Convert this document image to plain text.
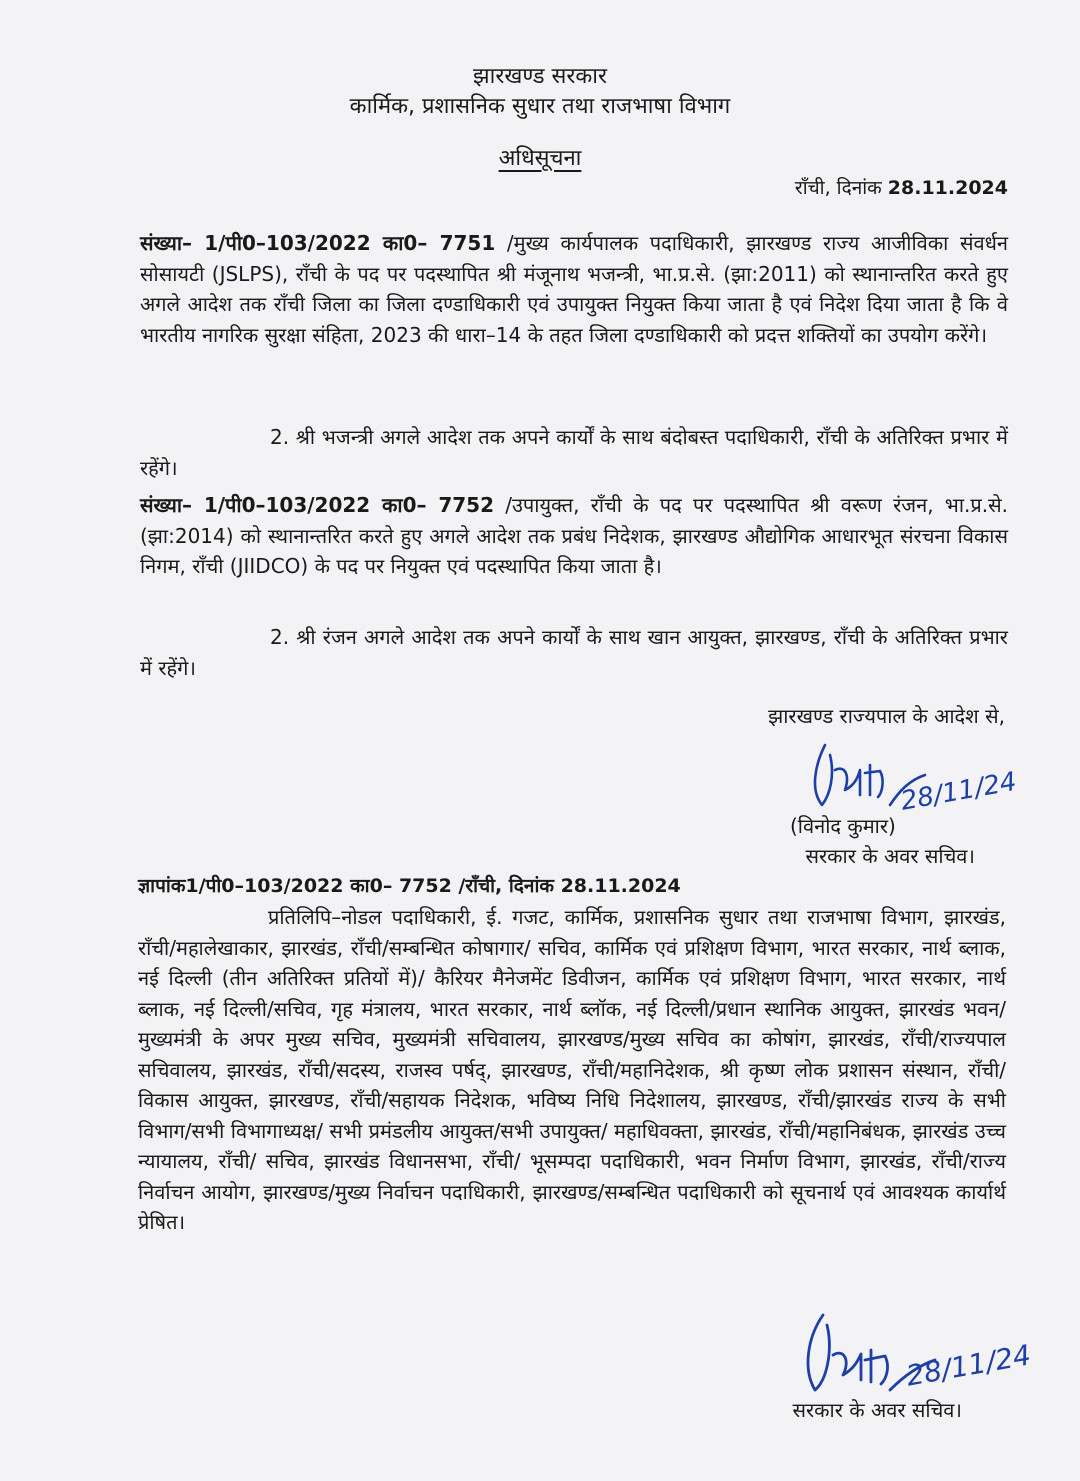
झारखण्ड सरकार
कार्मिक, प्रशासनिक सुधार तथा राजभाषा विभाग
अधिसूचना
राँची, दिनांक 28.11.2024
संख्या– 1/पी0–103/2022 का0– 7751 /मुख्य कार्यपालक पदाधिकारी, झारखण्ड राज्य आजीविका संवर्धन सोसायटी (JSLPS), राँची के पद पर पदस्थापित श्री मंजूनाथ भजन्त्री, भा.प्र.से. (झा:2011) को स्थानान्तरित करते हुए अगले आदेश तक राँची जिला का जिला दण्डाधिकारी एवं उपायुक्त नियुक्त किया जाता है एवं निदेश दिया जाता है कि वे भारतीय नागरिक सुरक्षा संहिता, 2023 की धारा–14 के तहत जिला दण्डाधिकारी को प्रदत्त शक्तियों का उपयोग करेंगे।
2. श्री भजन्त्री अगले आदेश तक अपने कार्यों के साथ बंदोबस्त पदाधिकारी, राँची के अतिरिक्त प्रभार में रहेंगे।
संख्या– 1/पी0–103/2022 का0– 7752 /उपायुक्त, राँची के पद पर पदस्थापित श्री वरूण रंजन, भा.प्र.से. (झा:2014) को स्थानान्तरित करते हुए अगले आदेश तक प्रबंध निदेशक, झारखण्ड औद्योगिक आधारभूत संरचना विकास निगम, राँची (JIIDCO) के पद पर नियुक्त एवं पदस्थापित किया जाता है।
2. श्री रंजन अगले आदेश तक अपने कार्यों के साथ खान आयुक्त, झारखण्ड, राँची के अतिरिक्त प्रभार में रहेंगे।
झारखण्ड राज्यपाल के आदेश से,
28/11/24
(विनोद कुमार)
सरकार के अवर सचिव।
ज्ञापांक1/पी0–103/2022 का0– 7752 /राँची, दिनांक 28.11.2024
प्रतिलिपि–नोडल पदाधिकारी, ई. गजट, कार्मिक, प्रशासनिक सुधार तथा राजभाषा विभाग, झारखंड, राँची/महालेखाकार, झारखंड, राँची/सम्बन्धित कोषागार/ सचिव, कार्मिक एवं प्रशिक्षण विभाग, भारत सरकार, नार्थ ब्लाक, नई दिल्ली (तीन अतिरिक्त प्रतियों में)/ कैरियर मैनेजमेंट डिवीजन, कार्मिक एवं प्रशिक्षण विभाग, भारत सरकार, नार्थ ब्लाक, नई दिल्ली/सचिव, गृह मंत्रालय, भारत सरकार, नार्थ ब्लॉक, नई दिल्ली/प्रधान स्थानिक आयुक्त, झारखंड भवन/मुख्यमंत्री के अपर मुख्य सचिव, मुख्यमंत्री सचिवालय, झारखण्ड/मुख्य सचिव का कोषांग, झारखंड, राँची/राज्यपाल सचिवालय, झारखंड, राँची/सदस्य, राजस्व पर्षद्, झारखण्ड, राँची/महानिदेशक, श्री कृष्ण लोक प्रशासन संस्थान, राँची/ विकास आयुक्त, झारखण्ड, राँची/सहायक निदेशक, भविष्य निधि निदेशालय, झारखण्ड, राँची/झारखंड राज्य के सभी विभाग/सभी विभागाध्यक्ष/ सभी प्रमंडलीय आयुक्त/सभी उपायुक्त/ महाधिवक्ता, झारखंड, राँची/महानिबंधक, झारखंड उच्च न्यायालय, राँची/ सचिव, झारखंड विधानसभा, राँची/ भूसम्पदा पदाधिकारी, भवन निर्माण विभाग, झारखंड, राँची/राज्य निर्वाचन आयोग, झारखण्ड/मुख्य निर्वाचन पदाधिकारी, झारखण्ड/सम्बन्धित पदाधिकारी को सूचनार्थ एवं आवश्यक कार्यार्थ प्रेषित।
28/11/24
सरकार के अवर सचिव।
